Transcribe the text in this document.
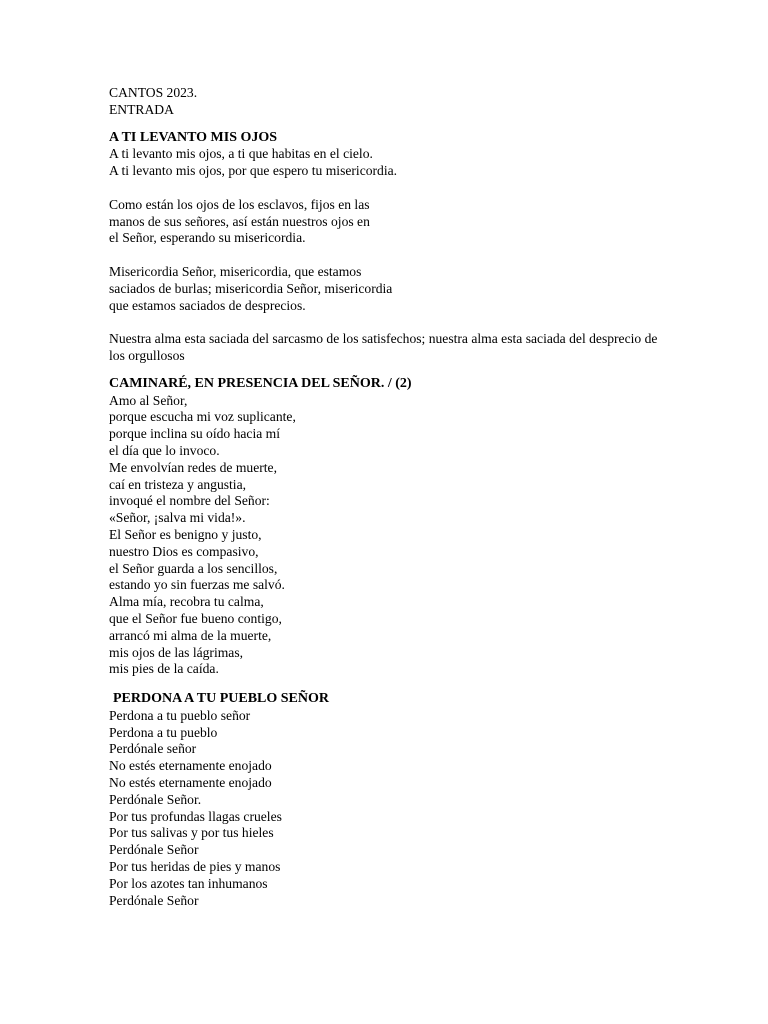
CANTOS 2023.
ENTRADA
A TI LEVANTO MIS OJOS
A ti levanto mis ojos, a ti que habitas en el cielo.
A ti levanto mis ojos, por que espero tu misericordia.
Como están los ojos de los esclavos, fijos en las
manos de sus señores, así están nuestros ojos en
el Señor, esperando su misericordia.
Misericordia Señor, misericordia, que estamos
saciados de burlas; misericordia Señor, misericordia
que estamos saciados de desprecios.
Nuestra alma esta saciada del sarcasmo de los satisfechos; nuestra alma esta saciada del desprecio de los orgullosos
CAMINARÉ, EN PRESENCIA DEL SEÑOR. / (2)
Amo al Señor,
porque escucha mi voz suplicante,
porque inclina su oído hacia mí
el día que lo invoco.
Me envolvían redes de muerte,
caí en tristeza y angustia,
invoqué el nombre del Señor:
«Señor, ¡salva mi vida!».
El Señor es benigno y justo,
nuestro Dios es compasivo,
el Señor guarda a los sencillos,
estando yo sin fuerzas me salvó.
Alma mía, recobra tu calma,
que el Señor fue bueno contigo,
arrancó mi alma de la muerte,
mis ojos de las lágrimas,
mis pies de la caída.
PERDONA A TU PUEBLO SEÑOR
Perdona a tu pueblo señor
Perdona a tu pueblo
Perdónale señor
No estés eternamente enojado
No estés eternamente enojado
Perdónale Señor.
Por tus profundas llagas crueles
Por tus salivas y por tus hieles
Perdónale Señor
Por tus heridas de pies y manos
Por los azotes tan inhumanos
Perdónale Señor
